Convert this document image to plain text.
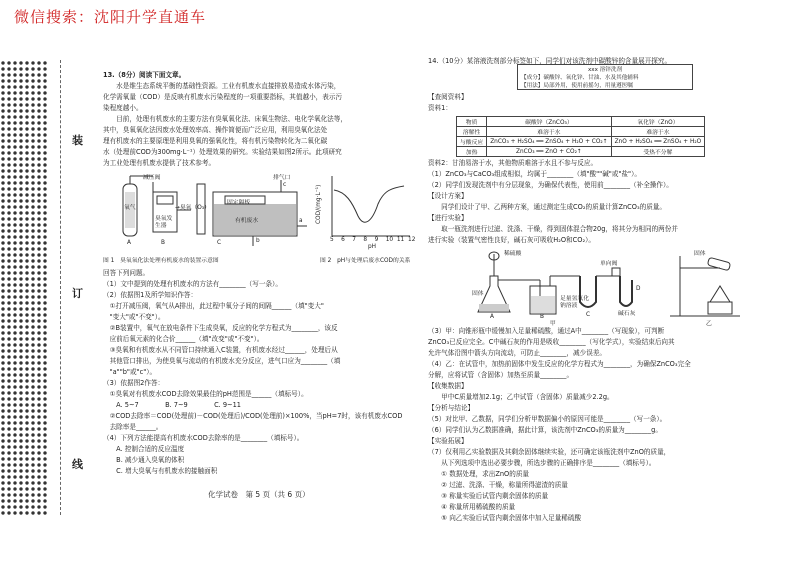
微信搜索：沈阳升学直通车
装
订
线

13.（8分）阅读下面文章。

　　水是维生态系统平衡的基础性资源。工业有机废水直接排放易造成水体污染，

化学需氧量（COD）是反映有机废水污染程度的一项重要指标，其值越⼩，表示污

染程度越小。

　　目前，处理有机废水的主要方法有臭氧氧化法、床氧生物法、电化学氧化法等，

其中，臭氧氧化法因废水处理效率高、操作简便而广泛应用，利用臭氧化法处

理有机废水的主要原理是利用臭氧的强氧化性，将有机污染物转化为二氧化碳

水（处理前COD为300mg·L⁻¹）处理效果的研究。实验结果如图2所示。此项研究

为工业处理有机废水提供了技术参考。

减压阀
氧气
臭氧发生器
→臭氧（O₃）
排气口
固定隔板
有机废水	a
b
c
A	B	C
COD/(mg·L⁻¹)
5 6 7 8 9 10 11 12
pH
图 1　臭氧氧化法处理有机废水的装置示意图	图 2　pH与处理后废水COD的关系

回答下列问题。

（1）文中提到的处理有机废水的方法有________（写一条）。

（2）依据图1及所学知识作答：

　①打开减压阀，氧气从A排出，此过程中氧分子间的间隔______（填"变大"

　"变大"或"不变"）。

　②B装置中，氧气在放电条件下生成臭氧，反应的化学方程式为________，该反

　应前后氧元素的化合价______（填"改变"或"不变"）。

　③臭氧和有机废水从不同管口持续通入C装置，有机废水经过______，处理后从

　其他管口排出，为使臭氧与流动的有机废水充分反应，进气口应为________（填

　"a""b"或"c"）。

（3）依据图2作答：

　①臭氧对有机废水COD去除效果最佳的pH范围是______（填标号）。

　　A. 5~7　　　　B. 7~9　　　　C. 9~11

　②COD去除率＝COD(处理前)－COD(处理后)/COD(处理前)×100%，当pH=7时，该有机废水COD

　去除率是______。

（4）下列方法能提高有机废水COD去除率的是________（填标号）。

　　A. 控制合适的反应温度

　　B. 减少通入臭氧的体积

　　C. 增大臭氧与有机废水的接触面积

化学试卷　第 5 页（共 6 页）

14.（10分）某溶液洗剂部分标签如下，同学们对该洗剂中碳酸锌的含量展开探究。

xxx 溶锌洗剂
【成分】碳酸锌、氧化锌、甘油、水及其他辅料
【用法】局部外用，使用前摇匀，用量遵医嘱

【查阅资料】

资料1：

物质	碳酸锌（ZnCO₃）	氧化锌（ZnO）
溶解性	难溶于水	难溶于水
与酸反应	ZnCO₃ + H₂SO₄ ══ ZnSO₄ + H₂O + CO₂↑	ZnO + H₂SO₄ ══ ZnSO₄ + H₂O
加热	ZnCO₃ ══ ZnO + CO₂↑	受热不分解

资料2：甘油易溶于水，其他物质难溶于水且不参与反应。

（1）ZnCO₃与CaCO₃组成相似，均属于________（填"酸""碱"或"盐"）。

（2）同学们发现洗剂中有分层现象，为确保代表性，使用前________（补全操作）。

【设计方案】

　　同学们设计了甲、乙两种方案，通过测定生成CO₂的质量计算ZnCO₃的质量。

【进行实验】

　　取一瓶洗剂进行过滤、洗涤、干燥，得到固体混合物20g，将其分为相同的两份并

进行实验（装置气密性良好，碱石灰可吸收H₂O和CO₂）。

稀硫酸
固体
单向阀
足量氢氧化钠溶液
碱石灰
A	B	C
D
固体
甲	乙

（3）甲：向锥形瓶中缓慢加入足量稀硫酸，通过A中________（写现象），可判断

ZnCO₃已反应完全。C中碱石灰的作用是吸收________（写化学式），实验结束后向其

允许气体沿图中箭头方向流动，可防止________，减少误差。

（4）乙：在试管中，加热前固体中发生反应的化学方程式为________，为确保ZnCO₃完全

分解，应将试管（含固体）加热至质量________。

【收集数据】

　　甲中C质量增加2.1g；乙中试管（含固体）质量减少2.2g。

【分析与结论】

（5）对比甲、乙数据，同学们分析甲数据偏小的原因可能是________（写一条）。

（6）同学们认为乙数据准确，据此计算，该洗剂中ZnCO₃的质量为________g。

【实验拓展】

（7）仅利用乙实验数据及其剩余固体继续实验，还可确定该瓶洗剂中ZnO的质量，

　　从下列选项中选出必要步骤，所选步骤的正确排序是________（填标号）。

　　① 数据处理，求出ZnO的质量

　　② 过滤、洗涤、干燥，称量所得滤渣的质量

　　③ 称量实验后试管内剩余固体的质量

　　④ 称量所用稀硫酸的质量

　　⑤ 向乙实验后试管内剩余固体中加入足量稀硫酸
